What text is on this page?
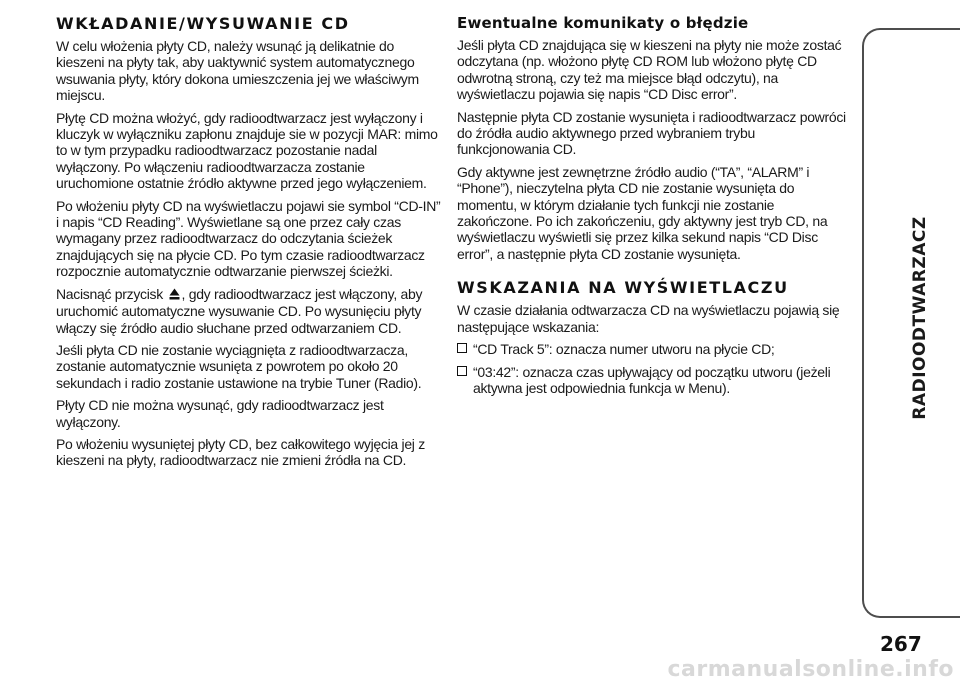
WKŁADANIE/WYSUWANIE CD

W celu włożenia płyty CD, należy wsunąć ją delikatnie do kieszeni na płyty tak, aby uaktywnić system automatycznego wsuwania płyty, który dokona umieszczenia jej we właściwym miejscu.

Płytę CD można włożyć, gdy radioodtwarzacz jest wyłączony i kluczyk w wyłączniku zapłonu znajduje sie w pozycji MAR: mimo to w tym przypadku radioodtwarzacz pozostanie nadal wyłączony. Po włączeniu radioodtwarzacza zostanie uruchomione ostatnie źródło aktywne przed jego wyłączeniem.

Po włożeniu płyty CD na wyświetlaczu pojawi sie symbol “CD-IN” i napis “CD Reading”. Wyświetlane są one przez cały czas wymagany przez radioodtwarzacz do odczytania ścieżek znajdujących się na płycie CD. Po tym czasie radioodtwarzacz rozpocznie automatycznie odtwarzanie pierwszej ścieżki.

Nacisnąć przycisk , gdy radioodtwarzacz jest włączony, aby uruchomić automatyczne wysuwanie CD. Po wysunięciu płyty włączy się źródło audio słuchane przed odtwarzaniem CD.

Jeśli płyta CD nie zostanie wyciągnięta z radioodtwarzacza, zostanie automatycznie wsunięta z powrotem po około 20 sekundach i radio zostanie ustawione na trybie Tuner (Radio).

Płyty CD nie można wysunąć, gdy radioodtwarzacz jest wyłączony.

Po włożeniu wysuniętej płyty CD, bez całkowitego wyjęcia jej z kieszeni na płyty, radioodtwarzacz nie zmieni źródła na CD.

Ewentualne komunikaty o błędzie

Jeśli płyta CD znajdująca się w kieszeni na płyty nie może zostać odczytana (np. włożono płytę CD ROM lub włożono płytę CD odwrotną stroną, czy też ma miejsce błąd odczytu), na wyświetlaczu pojawia się napis “CD Disc error”.

Następnie płyta CD zostanie wysunięta i radioodtwarzacz powróci do źródła audio aktywnego przed wybraniem trybu funkcjonowania CD.

Gdy aktywne jest zewnętrzne źródło audio (“TA”, “ALARM” i “Phone”), nieczytelna płyta CD nie zostanie wysunięta do momentu, w którym działanie tych funkcji nie zostanie zakończone. Po ich zakończeniu, gdy aktywny jest tryb CD, na wyświetlaczu wyświetli się przez kilka sekund napis “CD Disc error”, a następnie płyta CD zostanie wysunięta.

WSKAZANIA NA WYŚWIETLACZU

W czasie działania odtwarzacza CD na wyświetlaczu pojawią się następujące wskazania:

“CD Track 5”: oznacza numer utworu na płycie CD;
“03:42”: oznacza czas upływający od początku utworu (jeżeli aktywna jest odpowiednia funkcja w Menu).	RADIOODTWARZACZ
267
carmanualsonline.info
